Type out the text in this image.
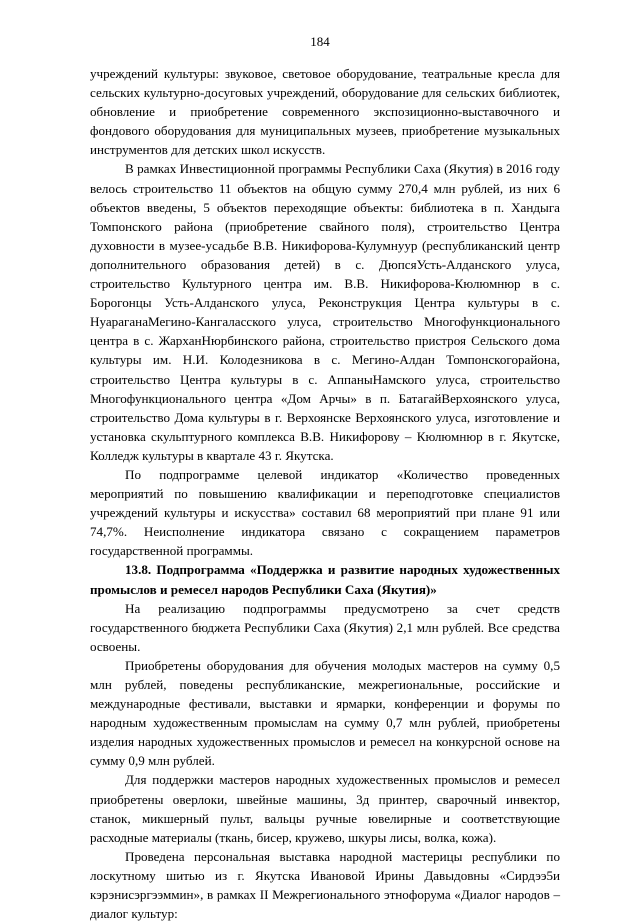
184

учреждений культуры: звуковое, световое оборудование, театральные кресла для сельских культурно-досуговых учреждений, оборудование для сельских библиотек, обновление и приобретение современного экспозиционно-выставочного и фондового оборудования для муниципальных музеев, приобретение музыкальных инструментов для детских школ искусств.

В рамках Инвестиционной программы Республики Саха (Якутия) в 2016 году велось строительство 11 объектов на общую сумму 270,4 млн рублей, из них 6 объектов введены, 5 объектов переходящие объекты: библиотека в п. Хандыга Томпонского района (приобретение свайного поля), строительство Центра духовности в музее-усадьбе В.В. Никифорова-Кулумнуур (республиканский центр дополнительного образования детей) в с. ДюпсяУсть-Алданского улуса, строительство Культурного центра им. В.В. Никифорова-Кюлюмнюр в с. Борогонцы Усть-Алданского улуса, Реконструкция Центра культуры в с. НуараганаМегино-Кангаласского улуса, строительство Многофункционального центра в с. ЖарханНюрбинского района, строительство пристроя Сельского дома культуры им. Н.И. Колодезникова в с. Мегино-Алдан Томпонскогорайона, строительство Центра культуры в с. АппаныНамского улуса, строительство Многофункционального центра «Дом Арчы» в п. БатагайВерхоянского улуса, строительство Дома культуры в г. Верхоянске Верхоянского улуса, изготовление и установка скульптурного комплекса В.В. Никифорову – Кюлюмнюр в г. Якутске, Колледж культуры в квартале 43 г. Якутска.

По подпрограмме целевой индикатор «Количество проведенных мероприятий по повышению квалификации и переподготовке специалистов учреждений культуры и искусства» составил 68 мероприятий при плане 91 или 74,7%. Неисполнение индикатора связано с сокращением параметров государственной программы.

13.8. Подпрограмма «Поддержка и развитие народных художественных промыслов и ремесел народов Республики Саха (Якутия)»

На реализацию подпрограммы предусмотрено за счет средств государственного бюджета Республики Саха (Якутия) 2,1 млн рублей. Все средства освоены.

Приобретены оборудования для обучения молодых мастеров на сумму 0,5 млн рублей, поведены республиканские, межрегиональные, российские и международные фестивали, выставки и ярмарки, конференции и форумы по народным художественным промыслам на сумму 0,7 млн рублей, приобретены изделия народных художественных промыслов и ремесел на конкурсной основе на сумму 0,9 млн рублей.

Для поддержки мастеров народных художественных промыслов и ремесел приобретены оверлоки, швейные машины, 3д принтер, сварочный инвектор, станок, микшерный пульт, вальцы ручные ювелирные и соответствующие расходные материалы (ткань, бисер, кружево, шкуры лисы, волка, кожа).

Проведена персональная выставка народной мастерицы республики по лоскутному шитью из г. Якутска Ивановой Ирины Давыдовны «Сирдээ5и кэрэнисэргээммин», в рамках II Межрегионального этнофорума «Диалог народов – диалог культур:
